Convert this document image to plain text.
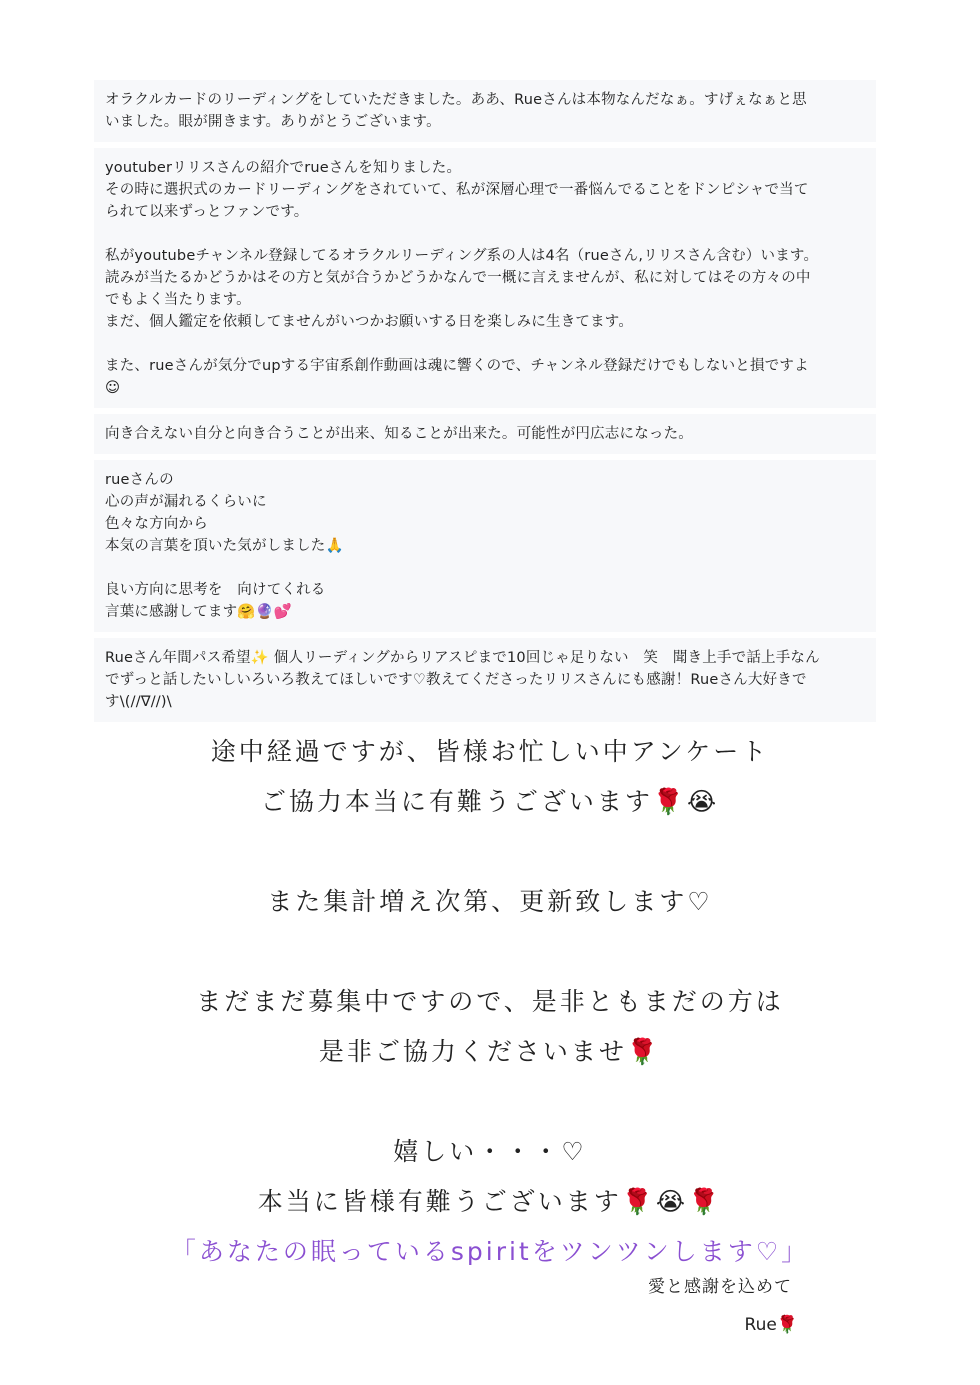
オラクルカードのリーディングをしていただきました。ああ、Rueさんは本物なんだなぁ。すげぇなぁと思
いました。眼が開きます。ありがとうございます。
youtuberリリスさんの紹介でrueさんを知りました。
その時に選択式のカードリーディングをされていて、私が深層心理で一番悩んでることをドンピシャで当て
られて以来ずっとファンです。
私がyoutubeチャンネル登録してるオラクルリーディング系の人は4名（rueさん,リリスさん含む）います。
読みが当たるかどうかはその方と気が合うかどうかなんで一概に言えませんが、私に対してはその方々の中
でもよく当たります。
まだ、個人鑑定を依頼してませんがいつかお願いする日を楽しみに生きてます。
また、rueさんが気分でupする宇宙系創作動画は魂に響くので、チャンネル登録だけでもしないと損ですよ
☺
向き合えない自分と向き合うことが出来、知ることが出来た。可能性が円広志になった。
rueさんの
心の声が漏れるくらいに
色々な方向から
本気の言葉を頂いた気がしました🙏
良い方向に思考を　向けてくれる
言葉に感謝してます🤗🔮💕
Rueさん年間パス希望✨ 個人リーディングからリアスピまで10回じゃ足りない　笑　聞き上手で話上手なん
でずっと話したいしいろいろ教えてほしいです♡教えてくださったリリスさんにも感謝！Rueさん大好きで
す\(//∇//)\
途中経過ですが、皆様お忙しい中アンケート
ご協力本当に有難うございます🌹😭
また集計増え次第、更新致します♡
まだまだ募集中ですので、是非ともまだの方は
是非ご協力くださいませ🌹
嬉しい・・・♡
本当に皆様有難うございます🌹😭🌹
「あなたの眠っているspiritをツンツンします♡」
愛と感謝を込めて
Rue🌹
